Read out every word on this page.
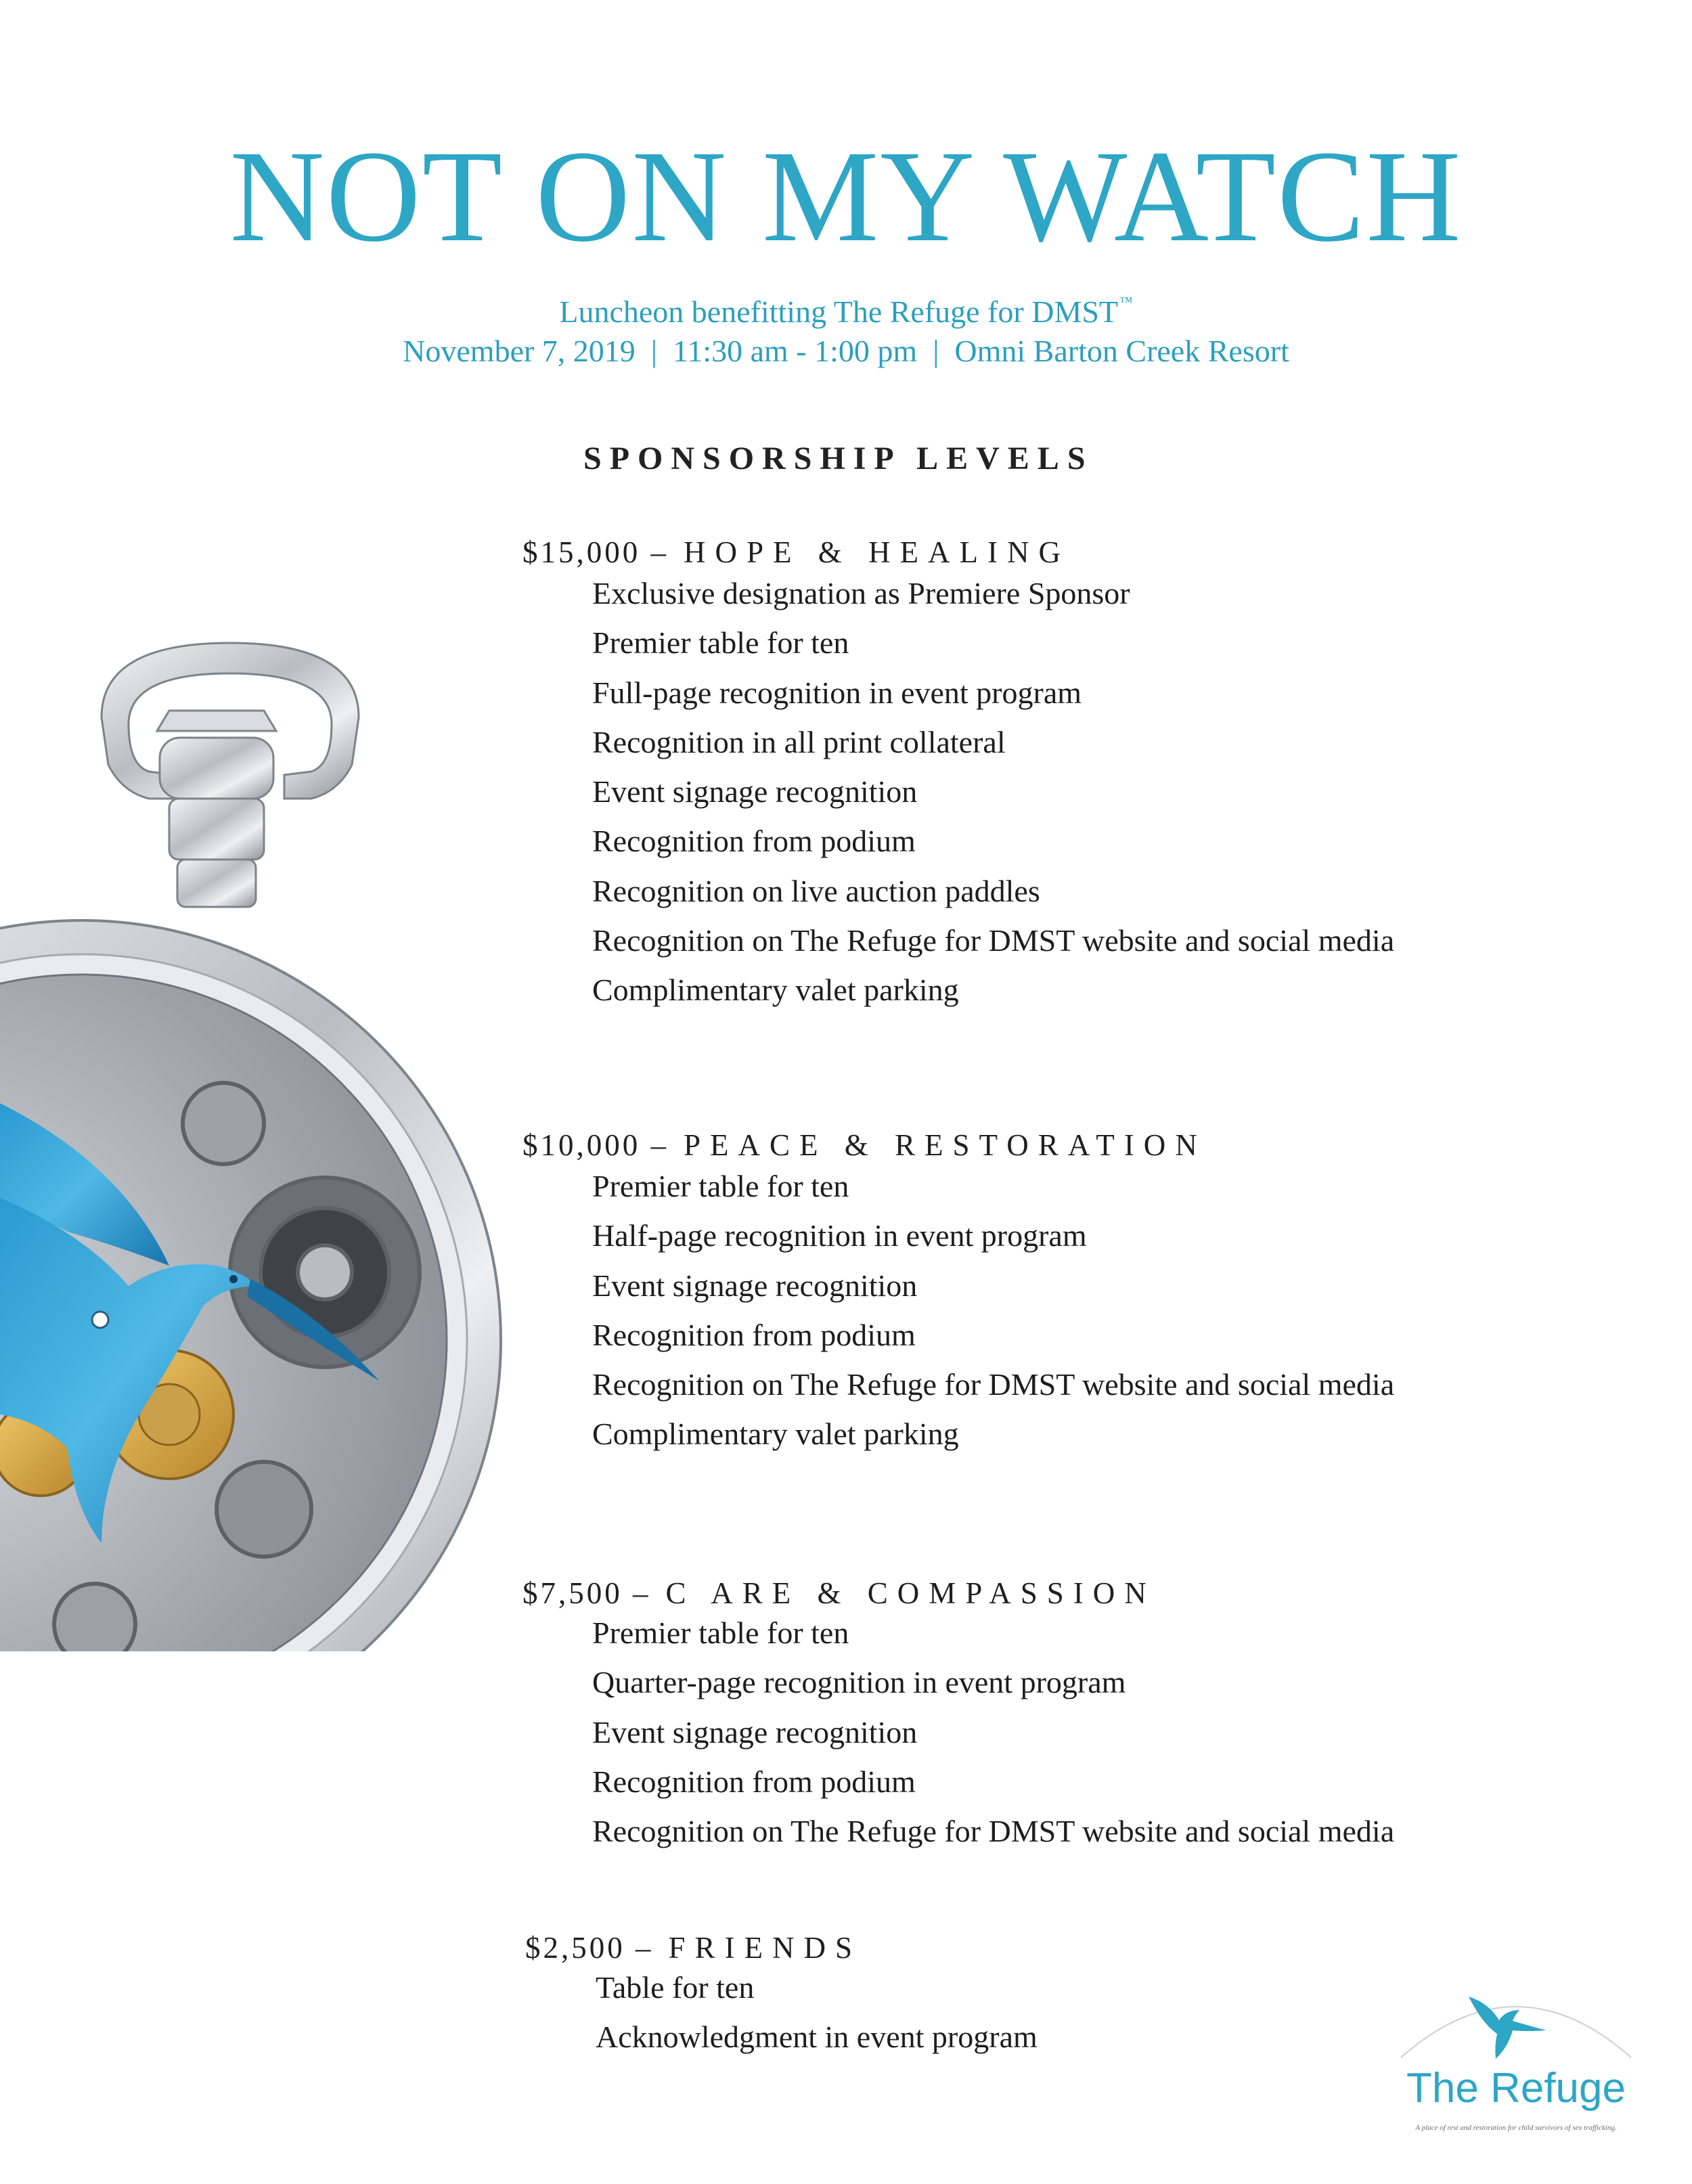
NOT ON MY WATCH
Luncheon benefitting The Refuge for DMST ™
November 7, 2019 | 11:30 am - 1:00 pm | Omni Barton Creek Resort
SPONSORSHIP LEVELS
$15,000 – HOPE & HEALING
Exclusive designation as Premiere Sponsor
Premier table for ten
Full-page recognition in event program
Recognition in all print collateral
Event signage recognition
Recognition from podium
Recognition on live auction paddles
Recognition on The Refuge for DMST website and social media
Complimentary valet parking
$10,000 – PEACE & RESTORATION
Premier table for ten
Half-page recognition in event program
Event signage recognition
Recognition from podium
Recognition on The Refuge for DMST website and social media
Complimentary valet parking
$7,500 – C ARE & COMPASSION
Premier table for ten
Quarter-page recognition in event program
Event signage recognition
Recognition from podium
Recognition on The Refuge for DMST website and social media
$2,500 – FRIENDS
Table for ten
Acknowledgment in event program
The Refuge
A place of rest and restoration for child survivors of sex trafficking.
